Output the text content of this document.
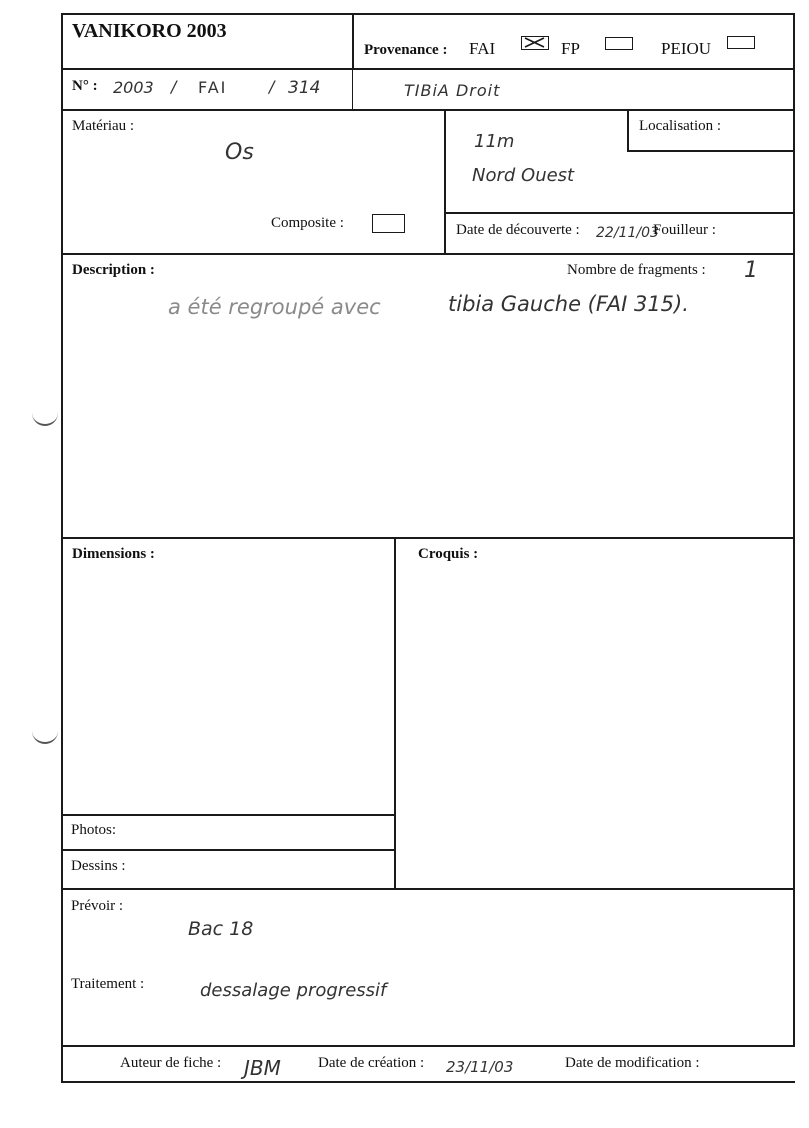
VANIKORO 2003
Provenance : FAI	FP	PEIOU
N° : 2003 / FAI	/ 314	TIBiA Droit
Matériau :
Os
Composite :
Localisation :
11m
Nord Ouest
Date de découverte : 22/11/03
Fouilleur :
Description :	Nombre de fragments : 1
a été regroupé avec	tibia Gauche (FAI 315).
Dimensions :	Croquis :
Photos:
Dessins :
Prévoir :
Bac 18
Traitement :	dessalage progressif
Auteur de fiche : JBM Date de création : 23/11/03	Date de modification :
